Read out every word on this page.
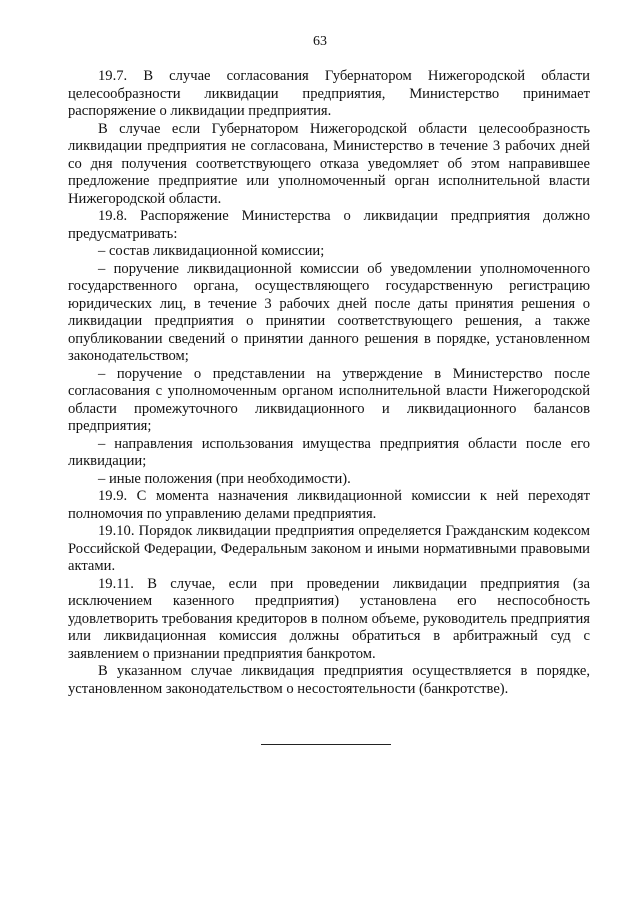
63

19.7. В случае согласования Губернатором Нижегородской области целесообразности ликвидации предприятия, Министерство принимает распоряжение о ликвидации предприятия.

В случае если Губернатором Нижегородской области целесообразность ликвидации предприятия не согласована, Министерство в течение 3 рабочих дней со дня получения соответствующего отказа уведомляет об этом направившее предложение предприятие или уполномоченный орган исполнительной власти Нижегородской области.

19.8. Распоряжение Министерства о ликвидации предприятия должно предусматривать:

– состав ликвидационной комиссии;

– поручение ликвидационной комиссии об уведомлении уполномоченного государственного органа, осуществляющего государственную регистрацию юридических лиц, в течение 3 рабочих дней после даты принятия решения о ликвидации предприятия о принятии соответствующего решения, а также опубликовании сведений о принятии данного решения в порядке, установленном законодательством;

– поручение о представлении на утверждение в Министерство после согласования с уполномоченным органом исполнительной власти Нижегородской области промежуточного ликвидационного и ликвидационного балансов предприятия;

– направления использования имущества предприятия области после его ликвидации;

– иные положения (при необходимости).

19.9. С момента назначения ликвидационной комиссии к ней переходят полномочия по управлению делами предприятия.

19.10. Порядок ликвидации предприятия определяется Гражданским кодексом Российской Федерации, Федеральным законом и иными нормативными правовыми актами.

19.11. В случае, если при проведении ликвидации предприятия (за исключением казенного предприятия) установлена его неспособность удовлетворить требования кредиторов в полном объеме, руководитель предприятия или ликвидационная комиссия должны обратиться в арбитражный суд с заявлением о признании предприятия банкротом.

В указанном случае ликвидация предприятия осуществляется в порядке, установленном законодательством о несостоятельности (банкротстве).
